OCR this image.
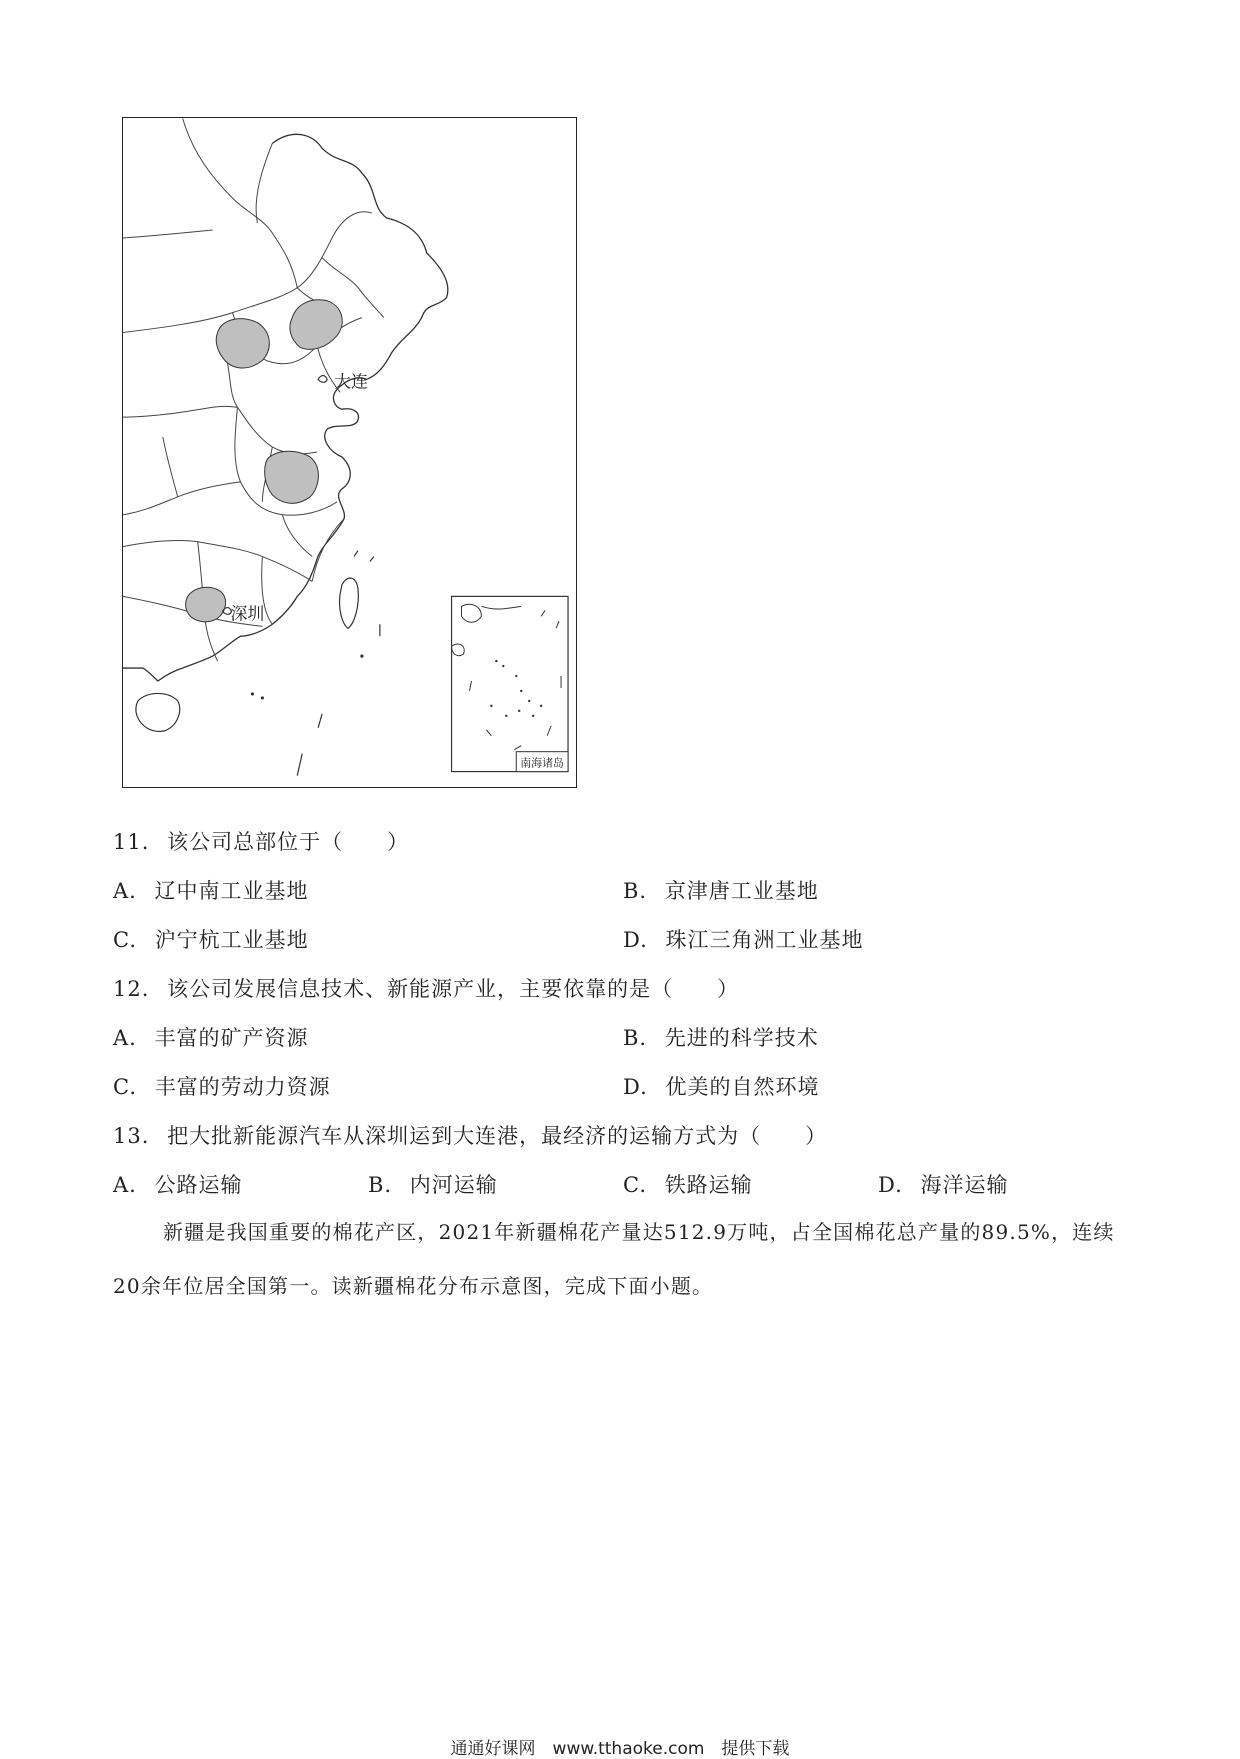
大连
深圳
南海诸岛
11. 该公司总部位于（　　）
A. 辽中南工业基地	B. 京津唐工业基地
C. 沪宁杭工业基地	D. 珠江三角洲工业基地
12. 该公司发展信息技术、新能源产业，主要依靠的是（　　）
A. 丰富的矿产资源	B. 先进的科学技术
C. 丰富的劳动力资源	D. 优美的自然环境
13. 把大批新能源汽车从深圳运到大连港，最经济的运输方式为（　　）
A. 公路运输	B. 内河运输	C. 铁路运输	D. 海洋运输
新疆是我国重要的棉花产区，2021年新疆棉花产量达512.9万吨，占全国棉花总产量的89.5%，连续
20余年位居全国第一。读新疆棉花分布示意图，完成下面小题。
通通好课网　www.tthaoke.com　提供下载
